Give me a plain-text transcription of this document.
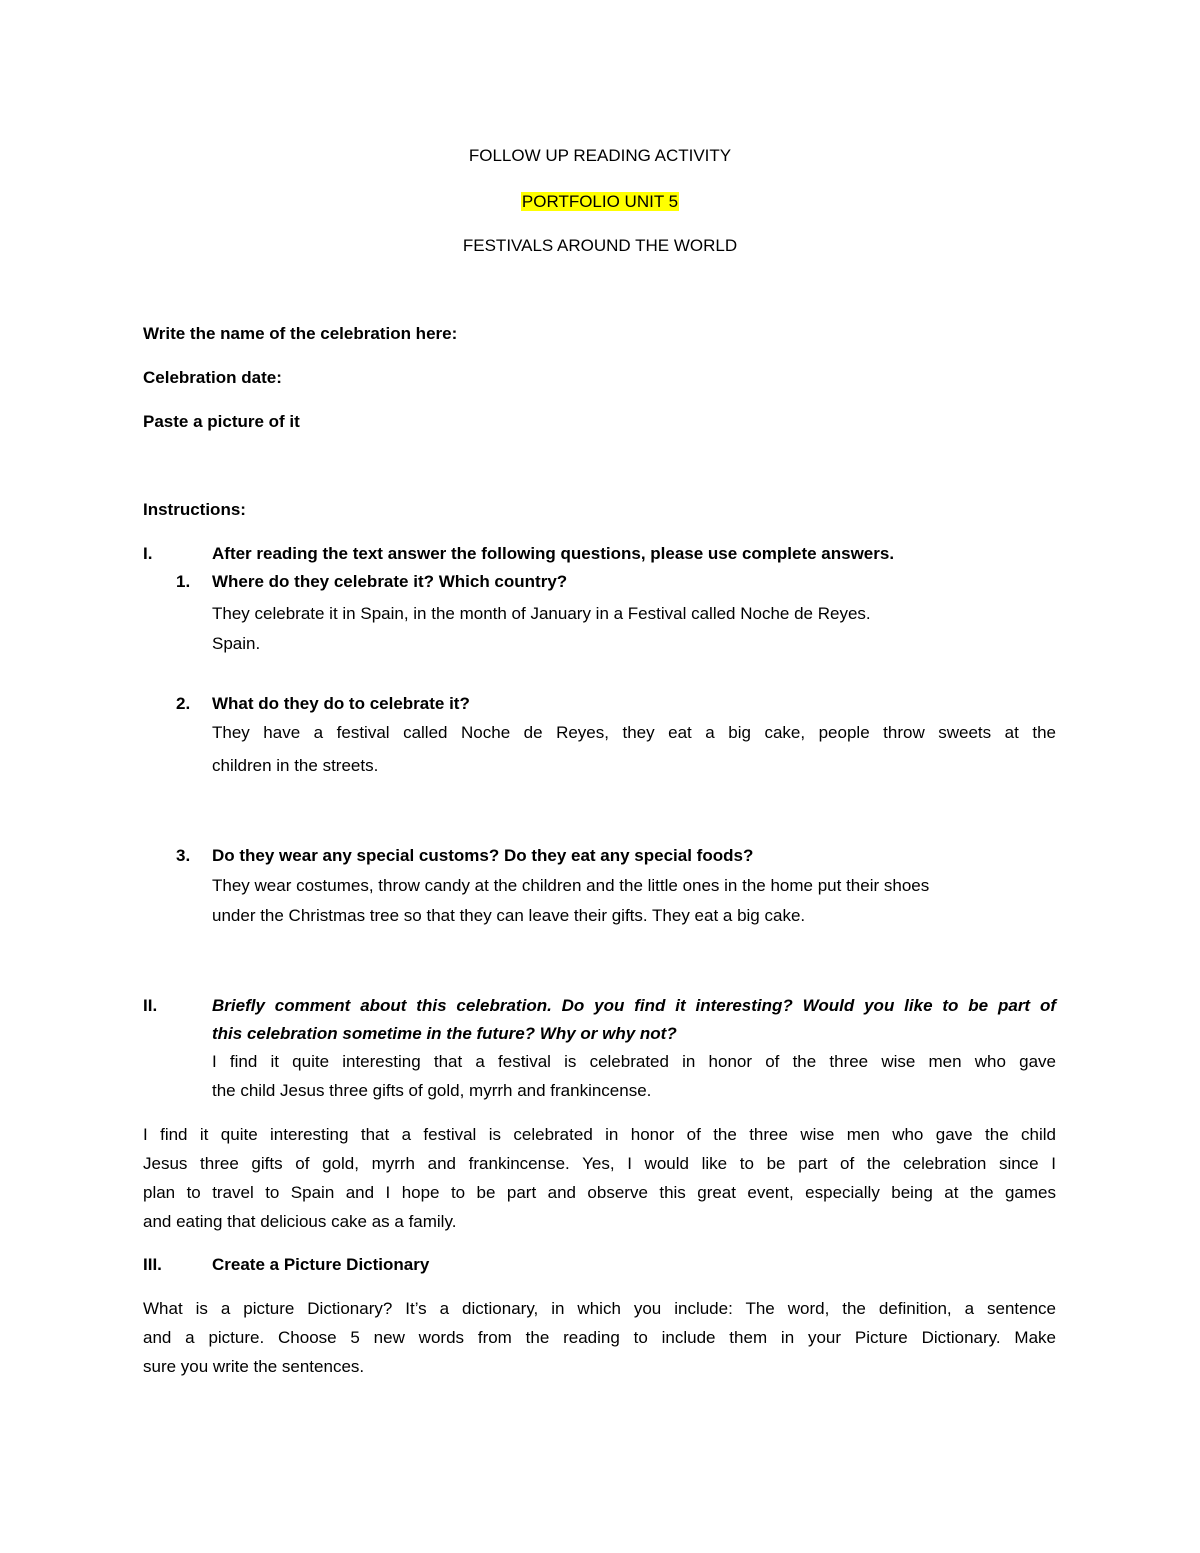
FOLLOW UP READING ACTIVITY
PORTFOLIO UNIT 5
FESTIVALS AROUND THE WORLD
Write the name of the celebration here:
Celebration date:
Paste a picture of it
Instructions:
I.	After reading the text answer the following questions, please use complete answers.
1. Where do they celebrate it? Which country?
They celebrate it in Spain, in the month of January in a Festival called Noche de Reyes.
Spain.
2. What do they do to celebrate it?
They have a festival called Noche de Reyes, they eat a big cake, people throw sweets at the
children in the streets.
3. Do they wear any special customs? Do they eat any special foods?
They wear costumes, throw candy at the children and the little ones in the home put their shoes
under the Christmas tree so that they can leave their gifts. They eat a big cake.
II.	Briefly comment about this celebration. Do you find it interesting? Would you like to be part of
this celebration sometime in the future? Why or why not?
I find it quite interesting that a festival is celebrated in honor of the three wise men who gave
the child Jesus three gifts of gold, myrrh and frankincense.
I find it quite interesting that a festival is celebrated in honor of the three wise men who gave the child
Jesus three gifts of gold, myrrh and frankincense. Yes, I would like to be part of the celebration since I
plan to travel to Spain and I hope to be part and observe this great event, especially being at the games
and eating that delicious cake as a family.
III.	Create a Picture Dictionary
What is a picture Dictionary? It’s a dictionary, in which you include: The word, the definition, a sentence
and a picture. Choose 5 new words from the reading to include them in your Picture Dictionary. Make
sure you write the sentences.
